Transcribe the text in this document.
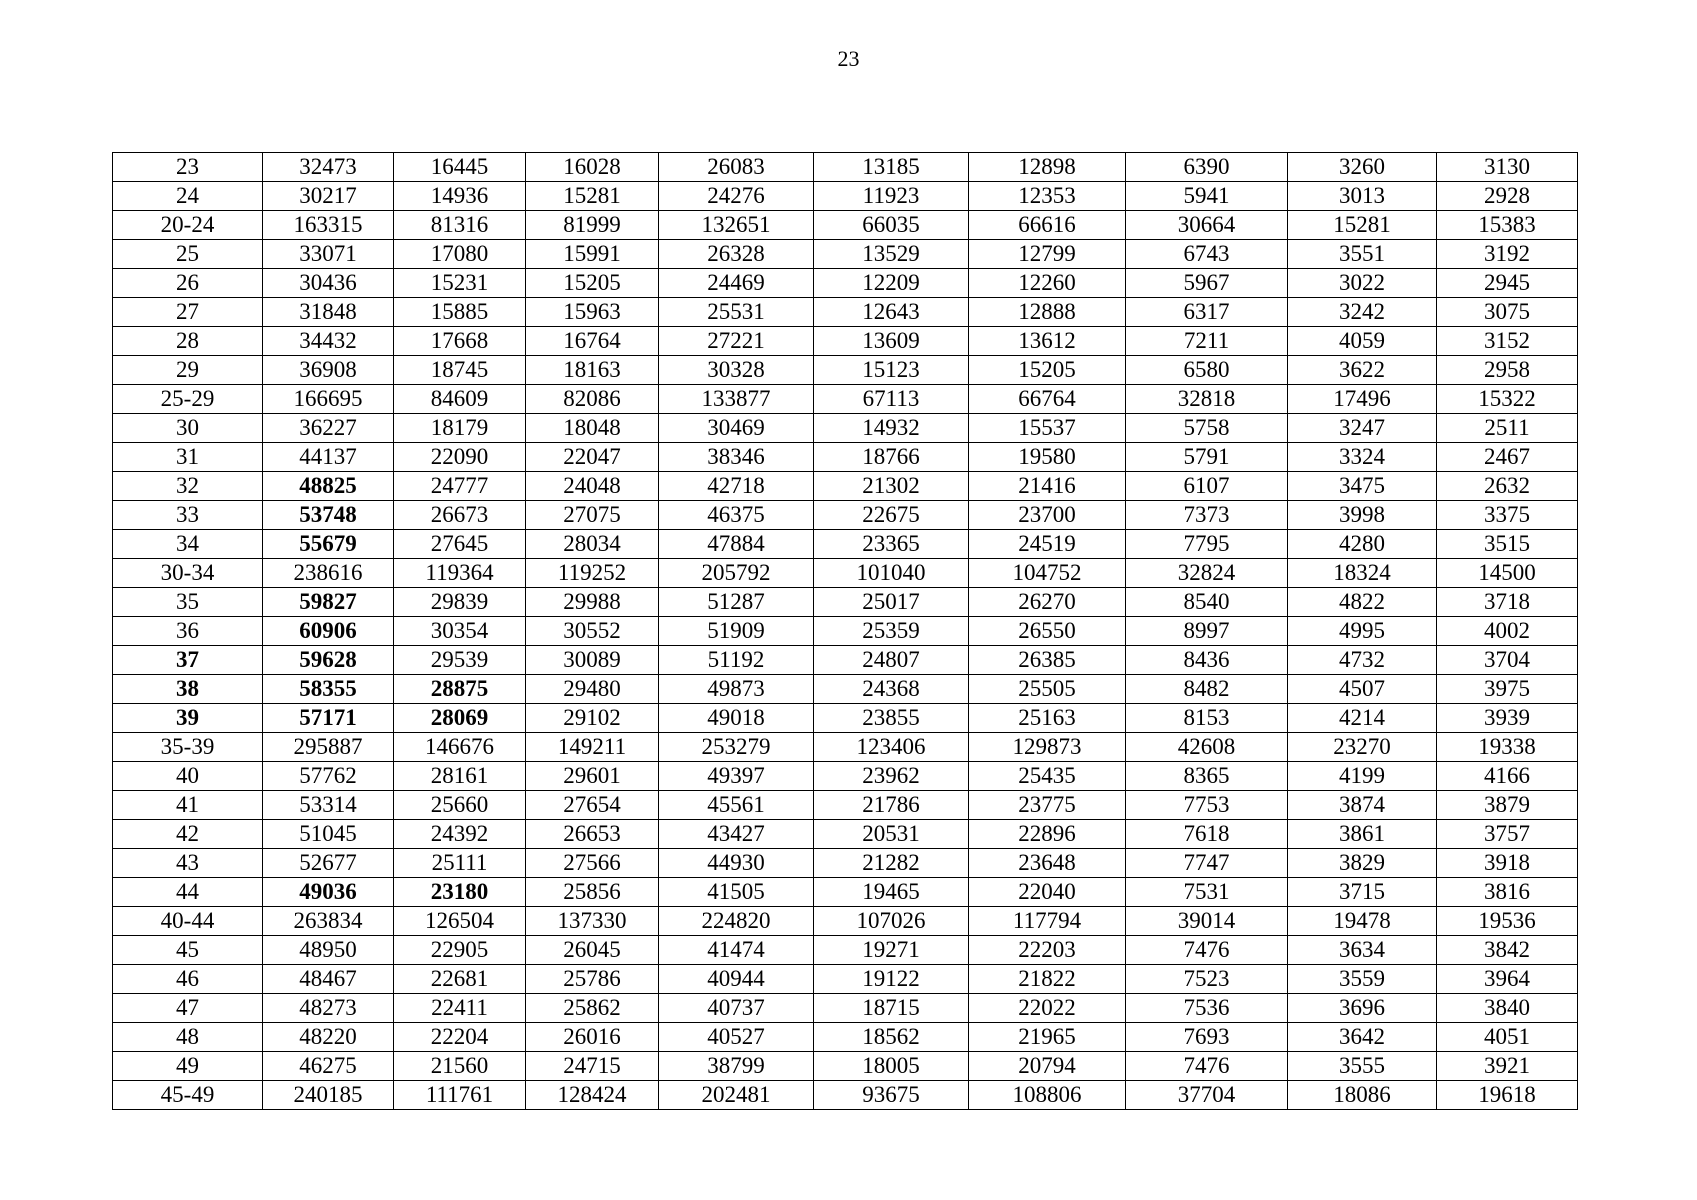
23
23	32473	16445	16028	26083	13185	12898	6390	3260	3130
24	30217	14936	15281	24276	11923	12353	5941	3013	2928
20-24	163315	81316	81999	132651	66035	66616	30664	15281	15383
25	33071	17080	15991	26328	13529	12799	6743	3551	3192
26	30436	15231	15205	24469	12209	12260	5967	3022	2945
27	31848	15885	15963	25531	12643	12888	6317	3242	3075
28	34432	17668	16764	27221	13609	13612	7211	4059	3152
29	36908	18745	18163	30328	15123	15205	6580	3622	2958
25-29	166695	84609	82086	133877	67113	66764	32818	17496	15322
30	36227	18179	18048	30469	14932	15537	5758	3247	2511
31	44137	22090	22047	38346	18766	19580	5791	3324	2467
32	48825	24777	24048	42718	21302	21416	6107	3475	2632
33	53748	26673	27075	46375	22675	23700	7373	3998	3375
34	55679	27645	28034	47884	23365	24519	7795	4280	3515
30-34	238616	119364	119252	205792	101040	104752	32824	18324	14500
35	59827	29839	29988	51287	25017	26270	8540	4822	3718
36	60906	30354	30552	51909	25359	26550	8997	4995	4002
37	59628	29539	30089	51192	24807	26385	8436	4732	3704
38	58355	28875	29480	49873	24368	25505	8482	4507	3975
39	57171	28069	29102	49018	23855	25163	8153	4214	3939
35-39	295887	146676	149211	253279	123406	129873	42608	23270	19338
40	57762	28161	29601	49397	23962	25435	8365	4199	4166
41	53314	25660	27654	45561	21786	23775	7753	3874	3879
42	51045	24392	26653	43427	20531	22896	7618	3861	3757
43	52677	25111	27566	44930	21282	23648	7747	3829	3918
44	49036	23180	25856	41505	19465	22040	7531	3715	3816
40-44	263834	126504	137330	224820	107026	117794	39014	19478	19536
45	48950	22905	26045	41474	19271	22203	7476	3634	3842
46	48467	22681	25786	40944	19122	21822	7523	3559	3964
47	48273	22411	25862	40737	18715	22022	7536	3696	3840
48	48220	22204	26016	40527	18562	21965	7693	3642	4051
49	46275	21560	24715	38799	18005	20794	7476	3555	3921
45-49	240185	111761	128424	202481	93675	108806	37704	18086	19618
